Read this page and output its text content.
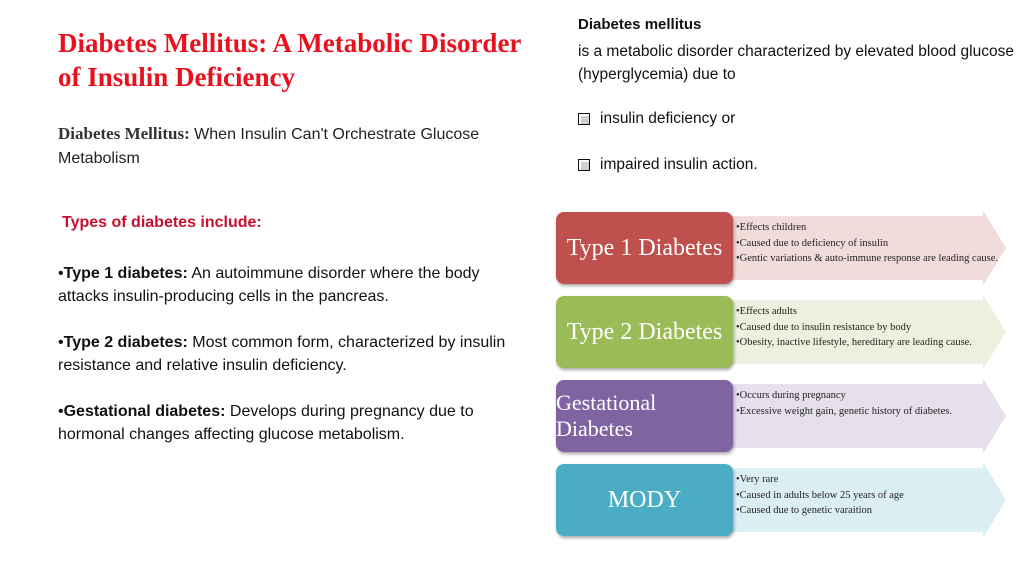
Diabetes Mellitus: A Metabolic Disorder of Insulin Deficiency
Diabetes Mellitus: When Insulin Can't Orchestrate Glucose Metabolism
Types of diabetes include:
•Type 1 diabetes: An autoimmune disorder where the body attacks insulin-producing cells in the pancreas.
•Type 2 diabetes: Most common form, characterized by insulin resistance and relative insulin deficiency.
•Gestational diabetes: Develops during pregnancy due to hormonal changes affecting glucose metabolism.
Diabetes mellitus
is a metabolic disorder characterized by elevated blood glucose (hyperglycemia) due to
insulin deficiency or
impaired insulin action.
Type 1 Diabetes
•Effects children
•Caused due to deficiency of insulin
•Gentic variations & auto-immune response are leading cause.
Type 2 Diabetes
•Effects adults
•Caused due to insulin resistance by body
•Obesity, inactive lifestyle, hereditary are leading cause.
Gestational Diabetes
•Occurs during pregnancy
•Excessive weight gain, genetic history of diabetes.
MODY
•Very rare
•Caused in adults below 25 years of age
•Caused due to genetic varaition
